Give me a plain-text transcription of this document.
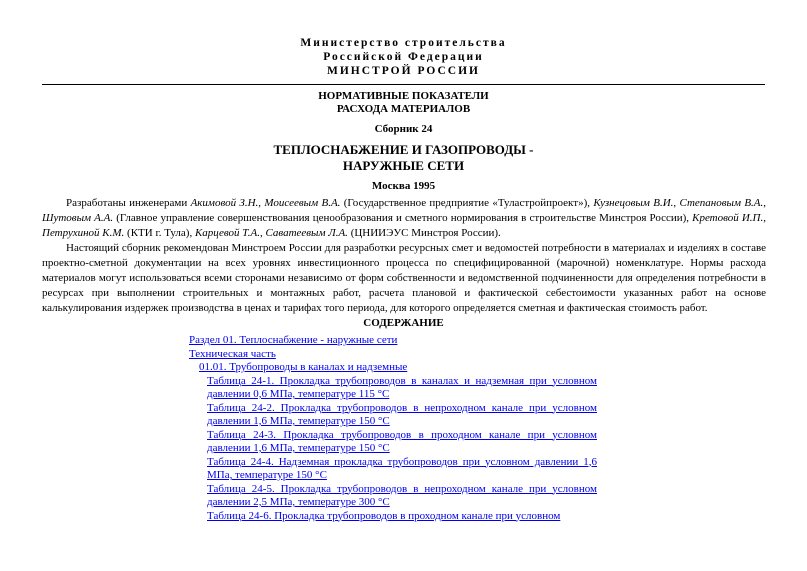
Министерство строительства
Российской Федерации
МИНСТРОЙ РОССИИ
НОРМАТИВНЫЕ ПОКАЗАТЕЛИ
РАСХОДА МАТЕРИАЛОВ
Сборник 24
ТЕПЛОСНАБЖЕНИЕ И ГАЗОПРОВОДЫ -
НАРУЖНЫЕ СЕТИ
Москва 1995

Разработаны инженерами Акимовой З.Н., Моисеевым В.А. (Государственное предприятие «Туластройпроект»), Кузнецовым В.И., Степановым В.А., Шутовым А.А. (Главное управление совершенствования ценообразования и сметного нормирования в строительстве Минстроя России), Кретовой И.П., Петрухиной К.М. (КТИ г. Тула), Карцевой Т.А., Саватеевым Л.А. (ЦНИИЭУС Минстроя России).

Настоящий сборник рекомендован Минстроем России для разработки ресурсных смет и ведомостей потребности в материалах и изделиях в составе проектно-сметной документации на всех уровнях инвестиционного процесса по специфицированной (марочной) номенклатуре. Нормы расхода материалов могут использоваться всеми сторонами независимо от форм собственности и ведомственной подчиненности для определения потребности в ресурсах при выполнении строительных и монтажных работ, расчета плановой и фактической себестоимости указанных работ на основе калькулирования издержек производства в ценах и тарифах того периода, для которого определяется сметная и фактическая стоимость работ.

СОДЕРЖАНИЕ
Раздел 01. Теплоснабжение - наружные сети
Техническая часть
01.01. Трубопроводы в каналах и надземные
Таблица 24-1. Прокладка трубопроводов в каналах и надземная при условном давлении 0,6 МПа, температуре 115 °С
Таблица 24-2. Прокладка трубопроводов в непроходном канале при условном давлении 1,6 МПа, температуре 150 °С
Таблица 24-3. Прокладка трубопроводов в проходном канале при условном давлении 1,6 МПа, температуре 150 °С
Таблица 24-4. Надземная прокладка трубопроводов при условном давлении 1,6 МПа, температуре 150 °С
Таблица 24-5. Прокладка трубопроводов в непроходном канале при условном давлении 2,5 МПа, температуре 300 °С
Таблица 24-6. Прокладка трубопроводов в проходном канале при условном
